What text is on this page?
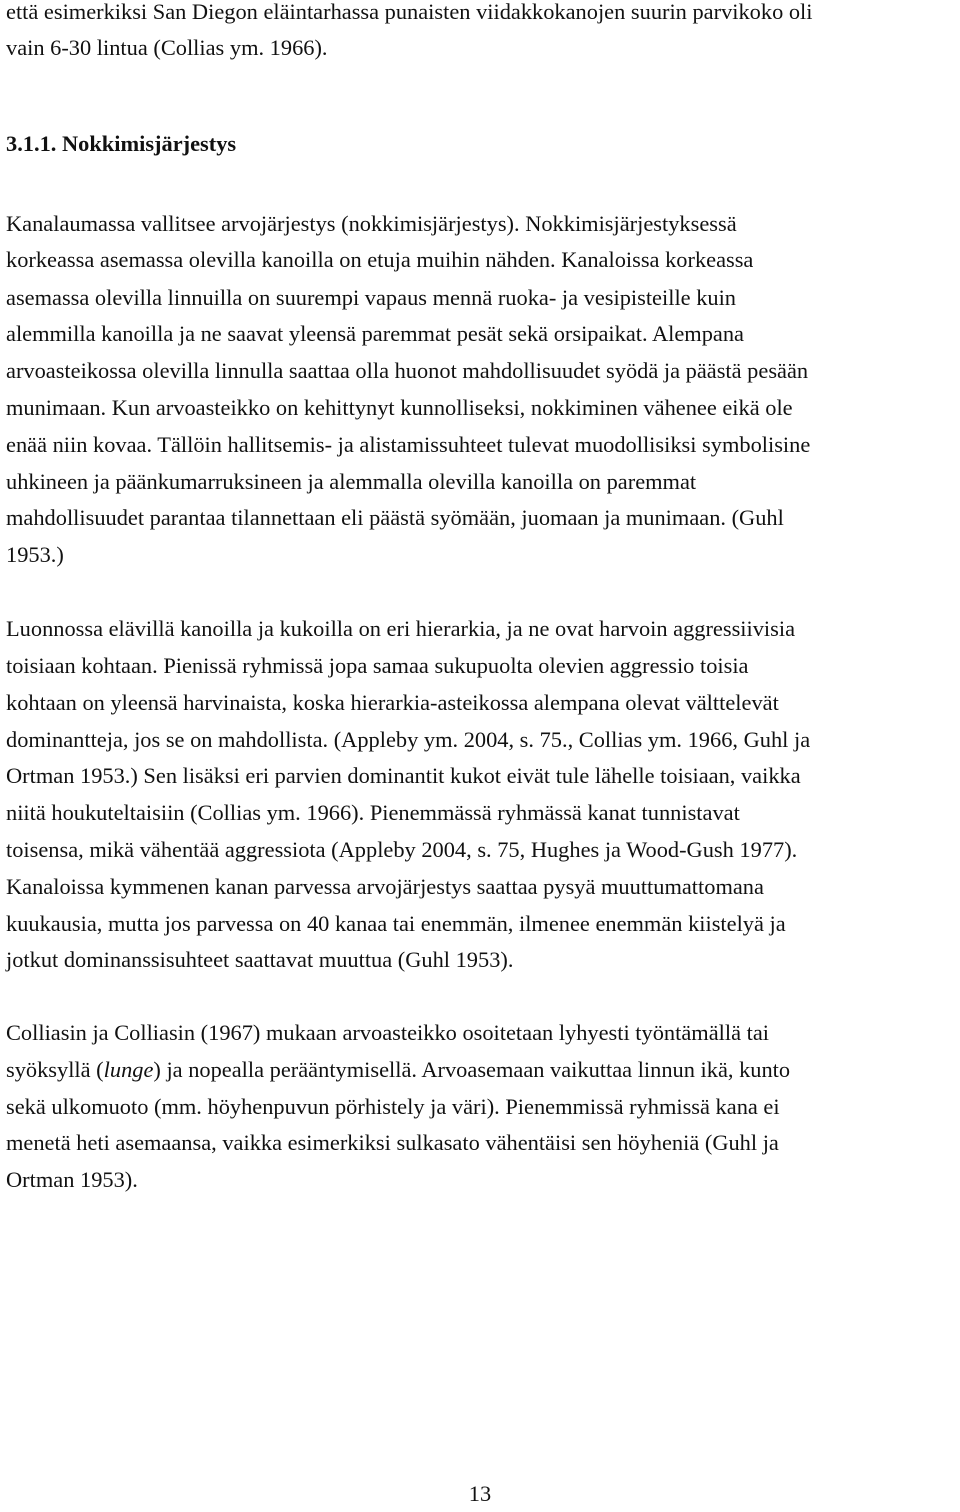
että esimerkiksi San Diegon eläintarhassa punaisten viidakkokanojen suurin parvikoko oli
vain 6-30 lintua (Collias ym. 1966).
3.1.1. Nokkimisjärjestys
Kanalaumassa vallitsee arvojärjestys (nokkimisjärjestys). Nokkimisjärjestyksessä
korkeassa asemassa olevilla kanoilla on etuja muihin nähden. Kanaloissa korkeassa
asemassa olevilla linnuilla on suurempi vapaus mennä ruoka- ja vesipisteille kuin
alemmilla kanoilla ja ne saavat yleensä paremmat pesät sekä orsipaikat. Alempana
arvoasteikossa olevilla linnulla saattaa olla huonot mahdollisuudet syödä ja päästä pesään
munimaan. Kun arvoasteikko on kehittynyt kunnolliseksi, nokkiminen vähenee eikä ole
enää niin kovaa. Tällöin hallitsemis- ja alistamissuhteet tulevat muodollisiksi symbolisine
uhkineen ja päänkumarruksineen ja alemmalla olevilla kanoilla on paremmat
mahdollisuudet parantaa tilannettaan eli päästä syömään, juomaan ja munimaan. (Guhl
1953.)
Luonnossa elävillä kanoilla ja kukoilla on eri hierarkia, ja ne ovat harvoin aggressiivisia
toisiaan kohtaan. Pienissä ryhmissä jopa samaa sukupuolta olevien aggressio toisia
kohtaan on yleensä harvinaista, koska hierarkia-asteikossa alempana olevat välttelevät
dominantteja, jos se on mahdollista. (Appleby ym. 2004, s. 75., Collias ym. 1966, Guhl ja
Ortman 1953.) Sen lisäksi eri parvien dominantit kukot eivät tule lähelle toisiaan, vaikka
niitä houkuteltaisiin (Collias ym. 1966). Pienemmässä ryhmässä kanat tunnistavat
toisensa, mikä vähentää aggressiota (Appleby 2004, s. 75, Hughes ja Wood-Gush 1977).
Kanaloissa kymmenen kanan parvessa arvojärjestys saattaa pysyä muuttumattomana
kuukausia, mutta jos parvessa on 40 kanaa tai enemmän, ilmenee enemmän kiistelyä ja
jotkut dominanssisuhteet saattavat muuttua (Guhl 1953).
Colliasin ja Colliasin (1967) mukaan arvoasteikko osoitetaan lyhyesti työntämällä tai
syöksyllä (lunge) ja nopealla perääntymisellä. Arvoasemaan vaikuttaa linnun ikä, kunto
sekä ulkomuoto (mm. höyhenpuvun pörhistely ja väri). Pienemmissä ryhmissä kana ei
menetä heti asemaansa, vaikka esimerkiksi sulkasato vähentäisi sen höyheniä (Guhl ja
Ortman 1953).
13
